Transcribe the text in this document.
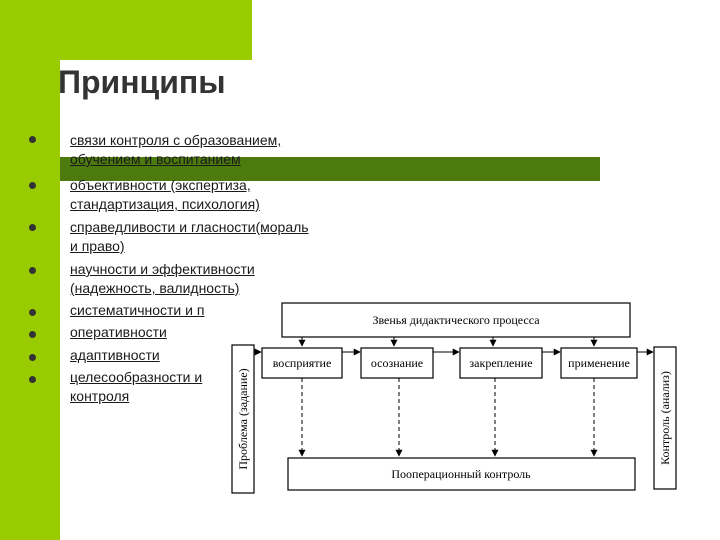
Принципы
связи контроля с образованием,
обучением и воспитанием
объективности (экспертиза,
стандартизация, психология)
справедливости и гласности(мораль
и право)
научности и эффективности
(надежность, валидность)
систематичности и п
оперативности
адаптивности
целесообразности и
контроля
Звенья дидактического процесса
восприятие	осознание	закрепление	применение
Проблема (задание)	Контроль (анализ)
Пооперационный контроль
